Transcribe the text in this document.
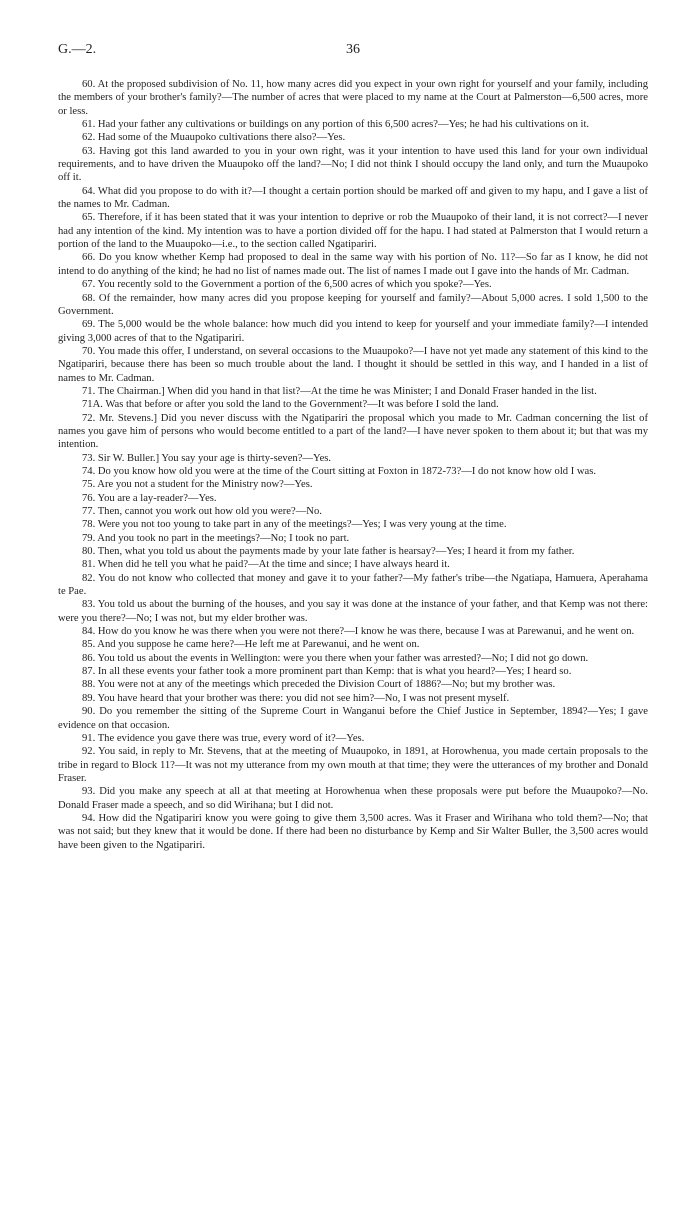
G.—2.	36

60. At the proposed subdivision of No. 11, how many acres did you expect in your own right for yourself and your family, including the members of your brother's family?—The number of acres that were placed to my name at the Court at Palmerston—6,500 acres, more or less.

61. Had your father any cultivations or buildings on any portion of this 6,500 acres?—Yes; he had his cultivations on it.

62. Had some of the Muaupoko cultivations there also?—Yes.

63. Having got this land awarded to you in your own right, was it your intention to have used this land for your own individual requirements, and to have driven the Muaupoko off the land?—No; I did not think I should occupy the land only, and turn the Muaupoko off it.

64. What did you propose to do with it?—I thought a certain portion should be marked off and given to my hapu, and I gave a list of the names to Mr. Cadman.

65. Therefore, if it has been stated that it was your intention to deprive or rob the Muaupoko of their land, it is not correct?—I never had any intention of the kind. My intention was to have a portion divided off for the hapu. I had stated at Palmerston that I would return a portion of the land to the Muaupoko—i.e., to the section called Ngatipariri.

66. Do you know whether Kemp had proposed to deal in the same way with his portion of No. 11?—So far as I know, he did not intend to do anything of the kind; he had no list of names made out. The list of names I made out I gave into the hands of Mr. Cadman.

67. You recently sold to the Government a portion of the 6,500 acres of which you spoke?—Yes.

68. Of the remainder, how many acres did you propose keeping for yourself and family?—About 5,000 acres. I sold 1,500 to the Government.

69. The 5,000 would be the whole balance: how much did you intend to keep for yourself and your immediate family?—I intended giving 3,000 acres of that to the Ngatipariri.

70. You made this offer, I understand, on several occasions to the Muaupoko?—I have not yet made any statement of this kind to the Ngatipariri, because there has been so much trouble about the land. I thought it should be settled in this way, and I handed in a list of names to Mr. Cadman.

71. The Chairman.] When did you hand in that list?—At the time he was Minister; I and Donald Fraser handed in the list.

71A. Was that before or after you sold the land to the Government?—It was before I sold the land.

72. Mr. Stevens.] Did you never discuss with the Ngatipariri the proposal which you made to Mr. Cadman concerning the list of names you gave him of persons who would become entitled to a part of the land?—I have never spoken to them about it; but that was my intention.

73. Sir W. Buller.] You say your age is thirty-seven?—Yes.

74. Do you know how old you were at the time of the Court sitting at Foxton in 1872-73?—I do not know how old I was.

75. Are you not a student for the Ministry now?—Yes.

76. You are a lay-reader?—Yes.

77. Then, cannot you work out how old you were?—No.

78. Were you not too young to take part in any of the meetings?—Yes; I was very young at the time.

79. And you took no part in the meetings?—No; I took no part.

80. Then, what you told us about the payments made by your late father is hearsay?—Yes; I heard it from my father.

81. When did he tell you what he paid?—At the time and since; I have always heard it.

82. You do not know who collected that money and gave it to your father?—My father's tribe—the Ngatiapa, Hamuera, Aperahama te Pae.

83. You told us about the burning of the houses, and you say it was done at the instance of your father, and that Kemp was not there: were you there?—No; I was not, but my elder brother was.

84. How do you know he was there when you were not there?—I know he was there, because I was at Parewanui, and he went on.

85. And you suppose he came here?—He left me at Parewanui, and he went on.

86. You told us about the events in Wellington: were you there when your father was arrested?—No; I did not go down.

87. In all these events your father took a more prominent part than Kemp: that is what you heard?—Yes; I heard so.

88. You were not at any of the meetings which preceded the Division Court of 1886?—No; but my brother was.

89. You have heard that your brother was there: you did not see him?—No, I was not present myself.

90. Do you remember the sitting of the Supreme Court in Wanganui before the Chief Justice in September, 1894?—Yes; I gave evidence on that occasion.

91. The evidence you gave there was true, every word of it?—Yes.

92. You said, in reply to Mr. Stevens, that at the meeting of Muaupoko, in 1891, at Horowhenua, you made certain proposals to the tribe in regard to Block 11?—It was not my utterance from my own mouth at that time; they were the utterances of my brother and Donald Fraser.

93. Did you make any speech at all at that meeting at Horowhenua when these proposals were put before the Muaupoko?—No. Donald Fraser made a speech, and so did Wirihana; but I did not.

94. How did the Ngatipariri know you were going to give them 3,500 acres. Was it Fraser and Wirihana who told them?—No; that was not said; but they knew that it would be done. If there had been no disturbance by Kemp and Sir Walter Buller, the 3,500 acres would have been given to the Ngatipariri.
